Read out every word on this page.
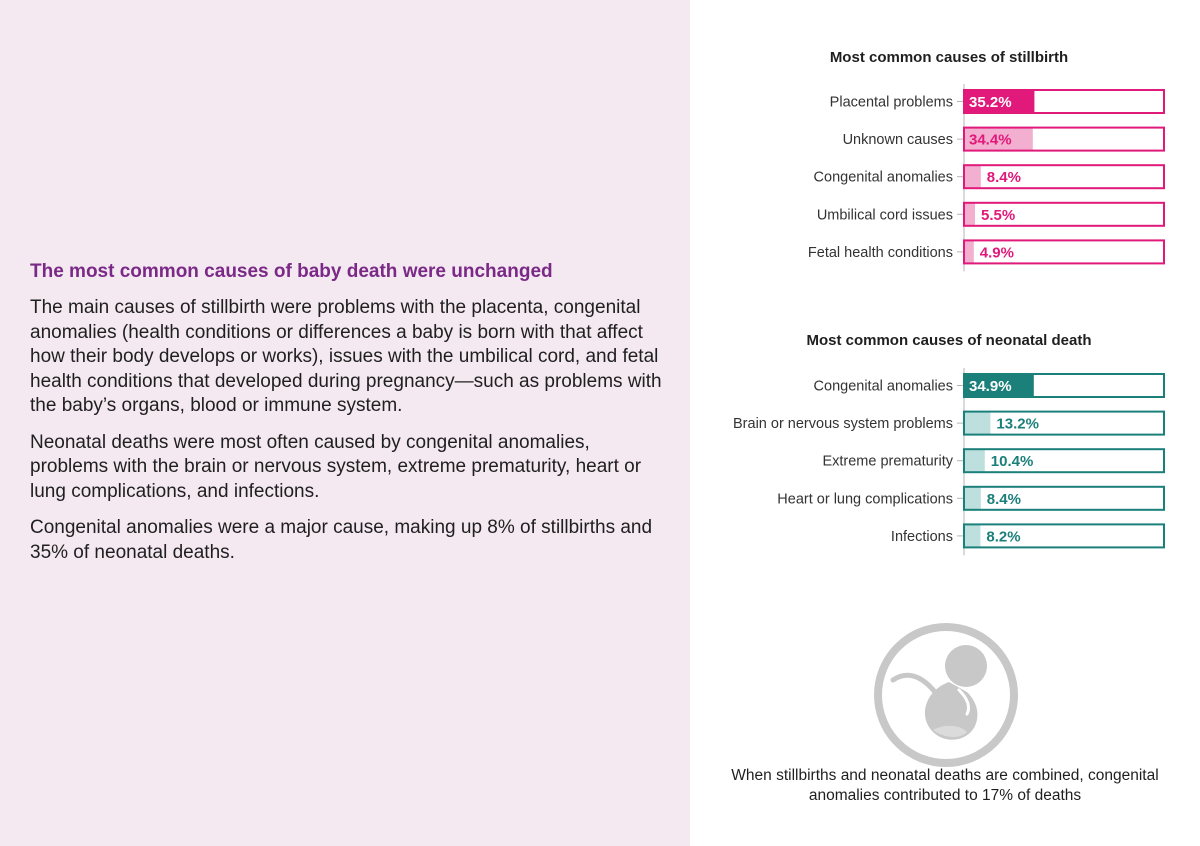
The most common causes of baby death were unchanged

The main causes of stillbirth were problems with the placenta, congenital anomalies (health conditions or differences a baby is born with that affect how their body develops or works), issues with the umbilical cord, and fetal health conditions that developed during pregnancy—such as problems with the baby’s organs, blood or immune system.

Neonatal deaths were most often caused by congenital anomalies, problems with the brain or nervous system, extreme prematurity, heart or lung complications, and infections.

Congenital anomalies were a major cause, making up 8% of stillbirths and 35% of neonatal deaths.

Most common causes of stillbirth
Placental problems 35.2%
Unknown causes 34.4%
Congenital anomalies 8.4%
Umbilical cord issues 5.5%
Fetal health conditions 4.9%
Most common causes of neonatal death
Congenital anomalies 34.9%
Brain or nervous system problems	13.2%
Extreme prematurity	10.4%
Heart or lung complications 8.4%
Infections 8.2%
When stillbirths and neonatal deaths are combined, congenital anomalies contributed to 17% of deaths
